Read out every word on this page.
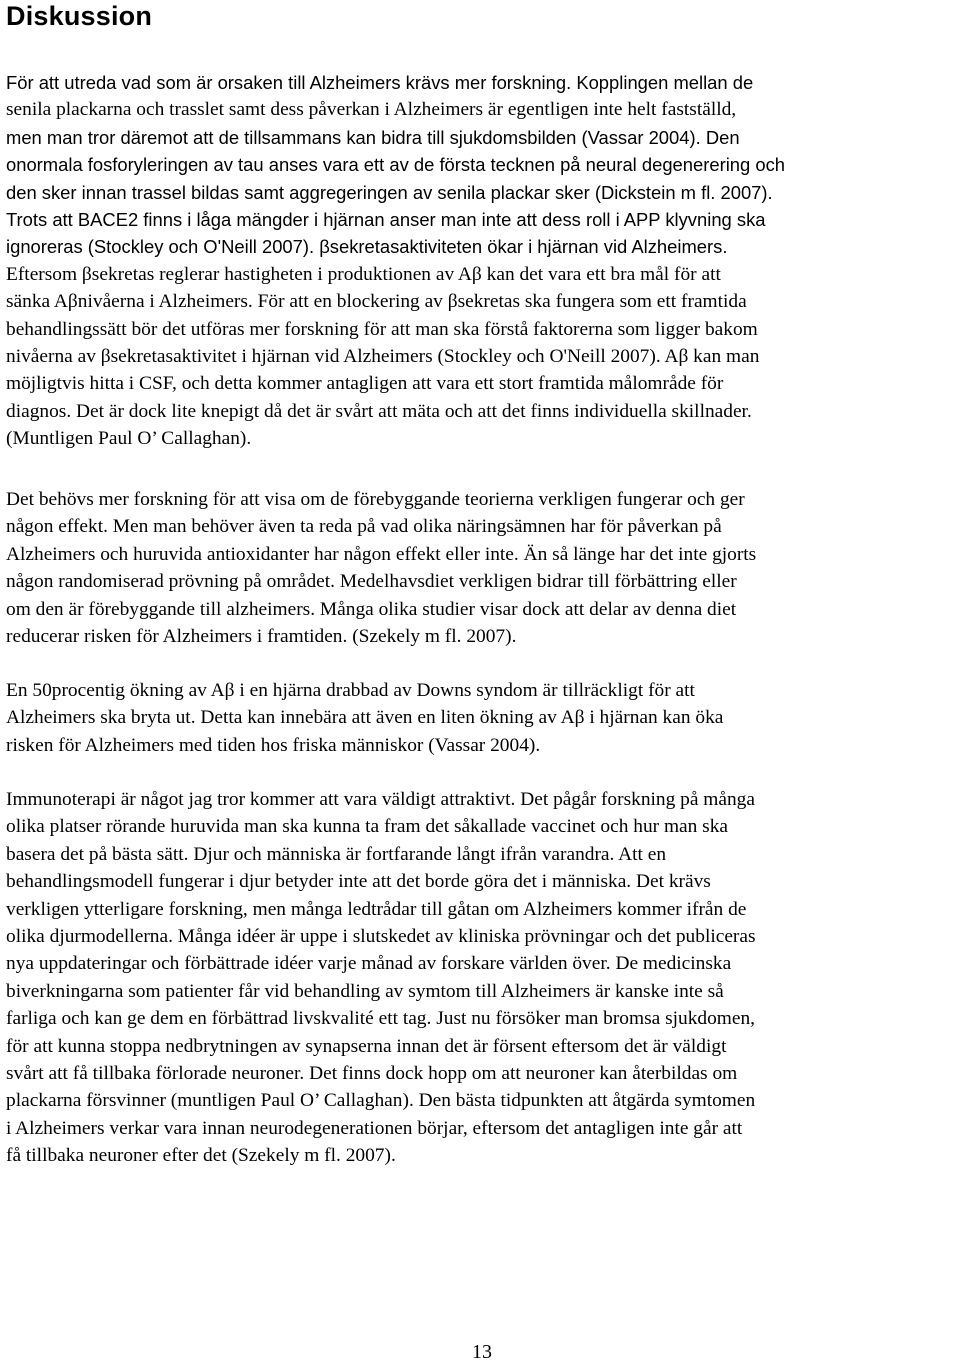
Diskussion
För att utreda vad som är orsaken till Alzheimers krävs mer forskning. Kopplingen mellan de
senila plackarna och trasslet samt dess påverkan i Alzheimers är egentligen inte helt fastställd,
men man tror däremot att de tillsammans kan bidra till sjukdomsbilden (Vassar 2004). Den
onormala fosforyleringen av tau anses vara ett av de första tecknen på neural degenerering och
den sker innan trassel bildas samt aggregeringen av senila plackar sker (Dickstein m fl. 2007).
Trots att BACE2 finns i låga mängder i hjärnan anser man inte att dess roll i APP klyvning ska
ignoreras (Stockley och O'Neill 2007). βsekretasaktiviteten ökar i hjärnan vid Alzheimers.
Eftersom βsekretas reglerar hastigheten i produktionen av Aβ kan det vara ett bra mål för att
sänka Aβnivåerna i Alzheimers. För att en blockering av βsekretas ska fungera som ett framtida
behandlingssätt bör det utföras mer forskning för att man ska förstå faktorerna som ligger bakom
nivåerna av βsekretasaktivitet i hjärnan vid Alzheimers (Stockley och O'Neill 2007). Aβ kan man
möjligtvis hitta i CSF, och detta kommer antagligen att vara ett stort framtida målområde för
diagnos. Det är dock lite knepigt då det är svårt att mäta och att det finns individuella skillnader.
(Muntligen Paul O’ Callaghan).
Det behövs mer forskning för att visa om de förebyggande teorierna verkligen fungerar och ger
någon effekt. Men man behöver även ta reda på vad olika näringsämnen har för påverkan på
Alzheimers och huruvida antioxidanter har någon effekt eller inte. Än så länge har det inte gjorts
någon randomiserad prövning på området. Medelhavsdiet verkligen bidrar till förbättring eller
om den är förebyggande till alzheimers. Många olika studier visar dock att delar av denna diet
reducerar risken för Alzheimers i framtiden. (Szekely m fl. 2007).
En 50procentig ökning av Aβ i en hjärna drabbad av Downs syndom är tillräckligt för att
Alzheimers ska bryta ut. Detta kan innebära att även en liten ökning av Aβ i hjärnan kan öka
risken för Alzheimers med tiden hos friska människor (Vassar 2004).
Immunoterapi är något jag tror kommer att vara väldigt attraktivt. Det pågår forskning på många
olika platser rörande huruvida man ska kunna ta fram det såkallade vaccinet och hur man ska
basera det på bästa sätt. Djur och människa är fortfarande långt ifrån varandra. Att en
behandlingsmodell fungerar i djur betyder inte att det borde göra det i människa. Det krävs
verkligen ytterligare forskning, men många ledtrådar till gåtan om Alzheimers kommer ifrån de
olika djurmodellerna. Många idéer är uppe i slutskedet av kliniska prövningar och det publiceras
nya uppdateringar och förbättrade idéer varje månad av forskare världen över. De medicinska
biverkningarna som patienter får vid behandling av symtom till Alzheimers är kanske inte så
farliga och kan ge dem en förbättrad livskvalité ett tag. Just nu försöker man bromsa sjukdomen,
för att kunna stoppa nedbrytningen av synapserna innan det är försent eftersom det är väldigt
svårt att få tillbaka förlorade neuroner. Det finns dock hopp om att neuroner kan återbildas om
plackarna försvinner (muntligen Paul O’ Callaghan). Den bästa tidpunkten att åtgärda symtomen
i Alzheimers verkar vara innan neurodegenerationen börjar, eftersom det antagligen inte går att
få tillbaka neuroner efter det (Szekely m fl. 2007).
13
